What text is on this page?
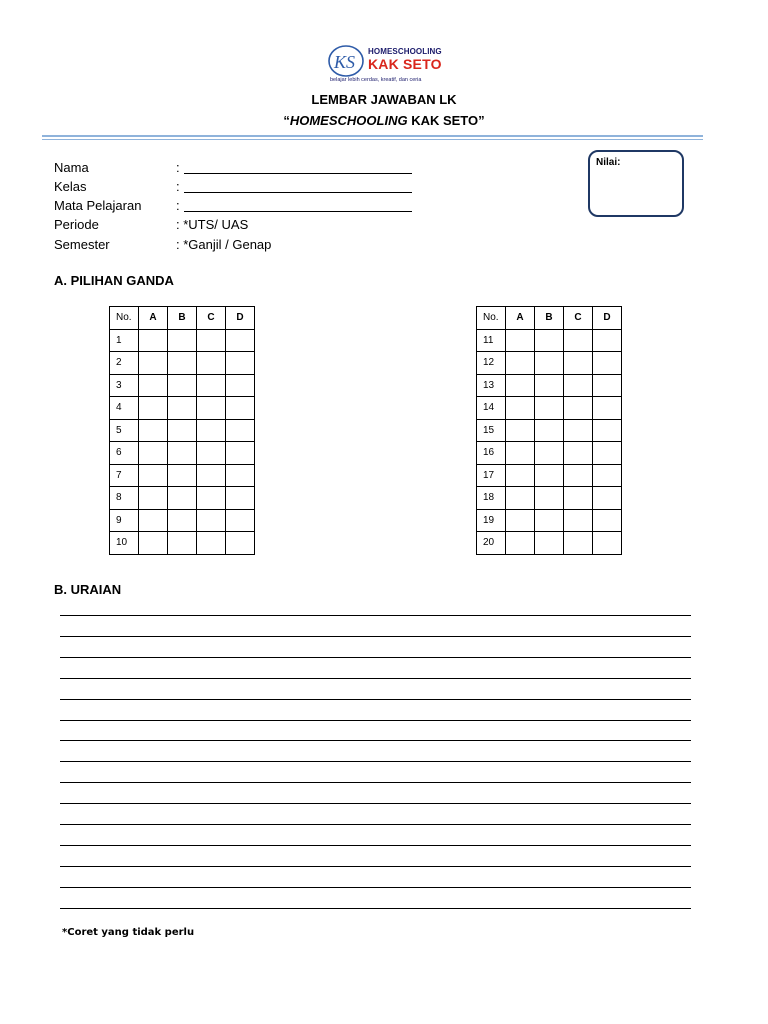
KS
HOMESCHOOLING
KAK SETO
belajar lebih cerdas, kreatif, dan ceria
LEMBAR JAWABAN LK
“HOMESCHOOLING KAK SETO”
Nama	:
Kelas	:
Mata Pelajaran	:
Periode	: *UTS/ UAS
Semester	: *Ganjil / Genap
Nilai:
A. PILIHAN GANDA
No.	A	B	C	D
1				
2				
3				
4				
5				
6				
7				
8				
9				
10				
No.	A	B	C	D
11				
12				
13				
14				
15				
16				
17				
18				
19				
20				
B. URAIAN
*Coret yang tidak perlu
